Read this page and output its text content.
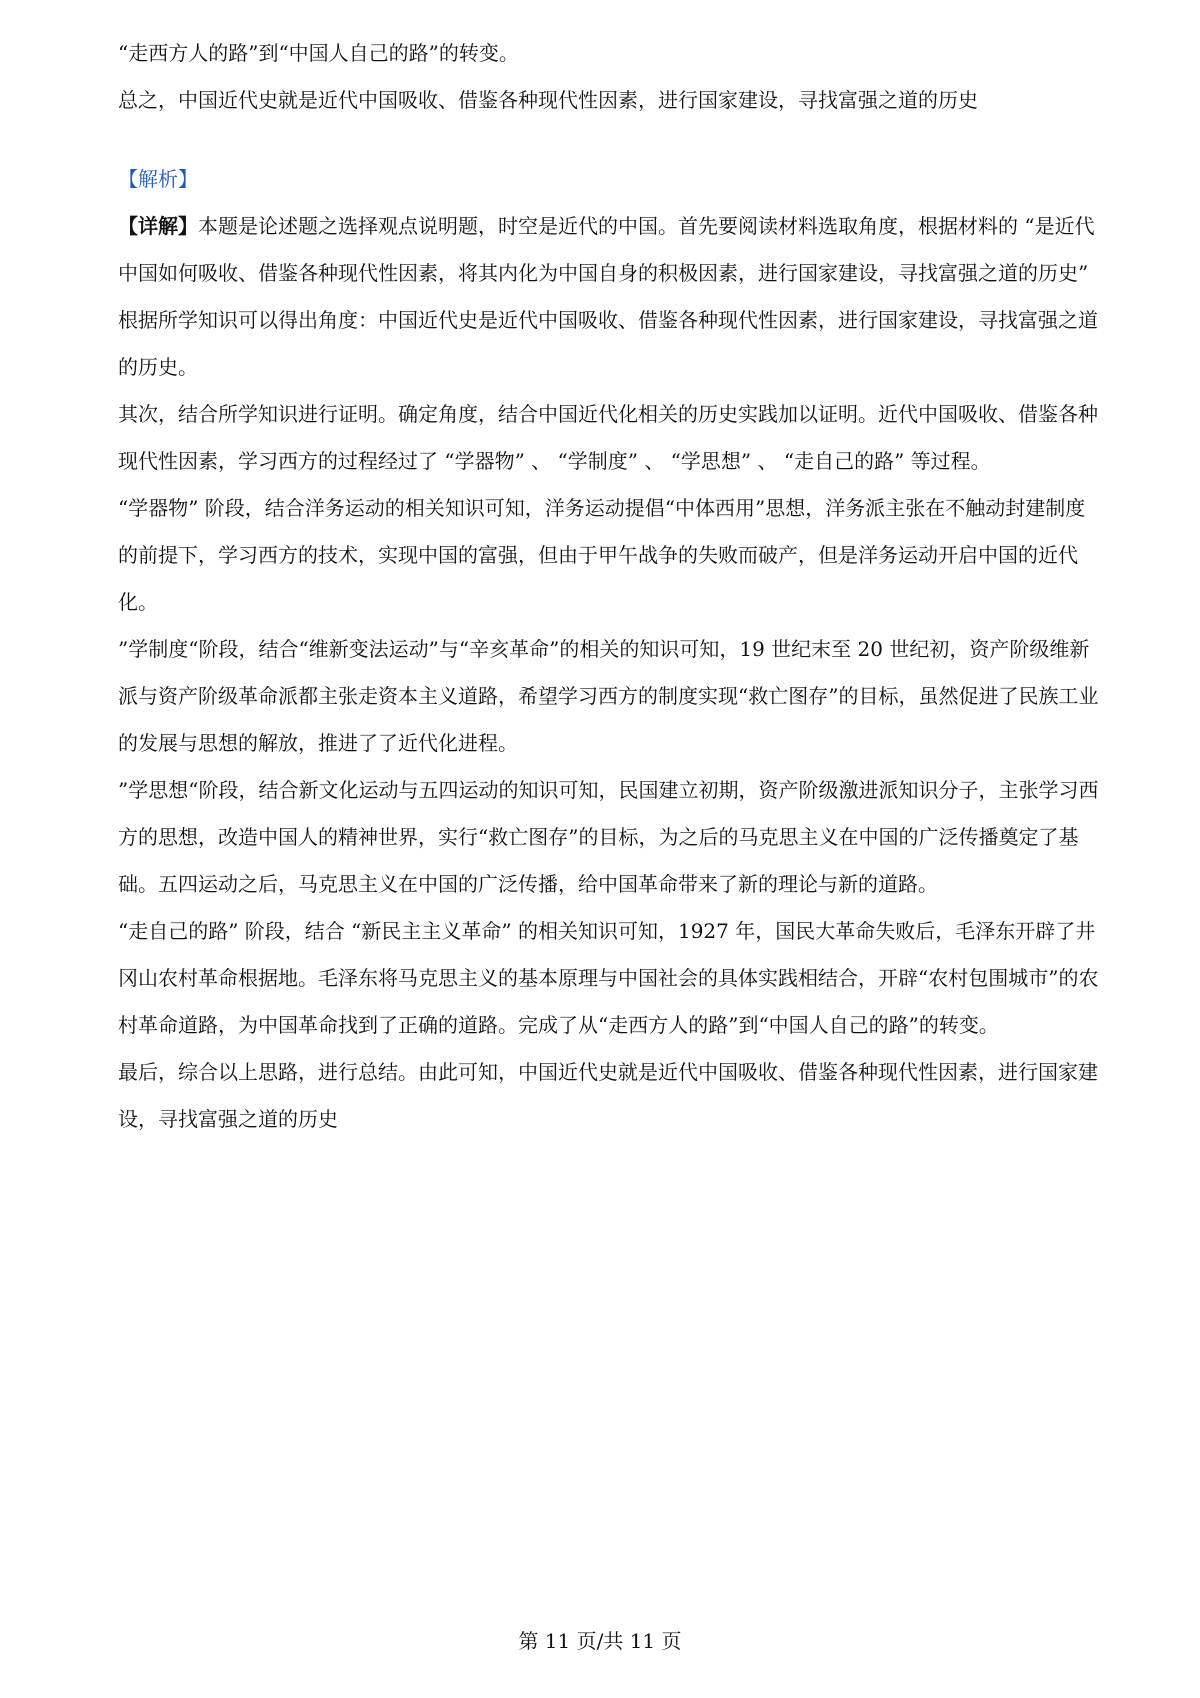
“走西方人的路”到“中国人自己的路”的转变。

总之，中国近代史就是近代中国吸收、借鉴各种现代性因素，进行国家建设，寻找富强之道的历史

【解析】

【详解】本题是论述题之选择观点说明题，时空是近代的中国。首先要阅读材料选取角度，根据材料的 “是近代中国如何吸收、借鉴各种现代性因素，将其内化为中国自身的积极因素，进行国家建设，寻找富强之道的历史” 根据所学知识可以得出角度：中国近代史是近代中国吸收、借鉴各种现代性因素，进行国家建设，寻找富强之道的历史。

其次，结合所学知识进行证明。确定角度，结合中国近代化相关的历史实践加以证明。近代中国吸收、借鉴各种现代性因素，学习西方的过程经过了 “学器物” 、 “学制度” 、 “学思想” 、 “走自己的路” 等过程。

“学器物” 阶段，结合洋务运动的相关知识可知，洋务运动提倡“中体西用”思想，洋务派主张在不触动封建制度的前提下，学习西方的技术，实现中国的富强，但由于甲午战争的失败而破产，但是洋务运动开启中国的近代化。

”学制度“阶段，结合“维新变法运动”与“辛亥革命”的相关的知识可知，19 世纪末至 20 世纪初，资产阶级维新派与资产阶级革命派都主张走资本主义道路，希望学习西方的制度实现“救亡图存”的目标，虽然促进了民族工业的发展与思想的解放，推进了了近代化进程。

”学思想“阶段，结合新文化运动与五四运动的知识可知，民国建立初期，资产阶级激进派知识分子，主张学习西方的思想，改造中国人的精神世界，实行“救亡图存”的目标，为之后的马克思主义在中国的广泛传播奠定了基础。五四运动之后，马克思主义在中国的广泛传播，给中国革命带来了新的理论与新的道路。

“走自己的路” 阶段，结合 “新民主主义革命” 的相关知识可知，1927 年，国民大革命失败后，毛泽东开辟了井冈山农村革命根据地。毛泽东将马克思主义的基本原理与中国社会的具体实践相结合，开辟“农村包围城市”的农村革命道路，为中国革命找到了正确的道路。完成了从“走西方人的路”到“中国人自己的路”的转变。

最后，综合以上思路，进行总结。由此可知，中国近代史就是近代中国吸收、借鉴各种现代性因素，进行国家建设，寻找富强之道的历史

第 11 页/共 11 页
